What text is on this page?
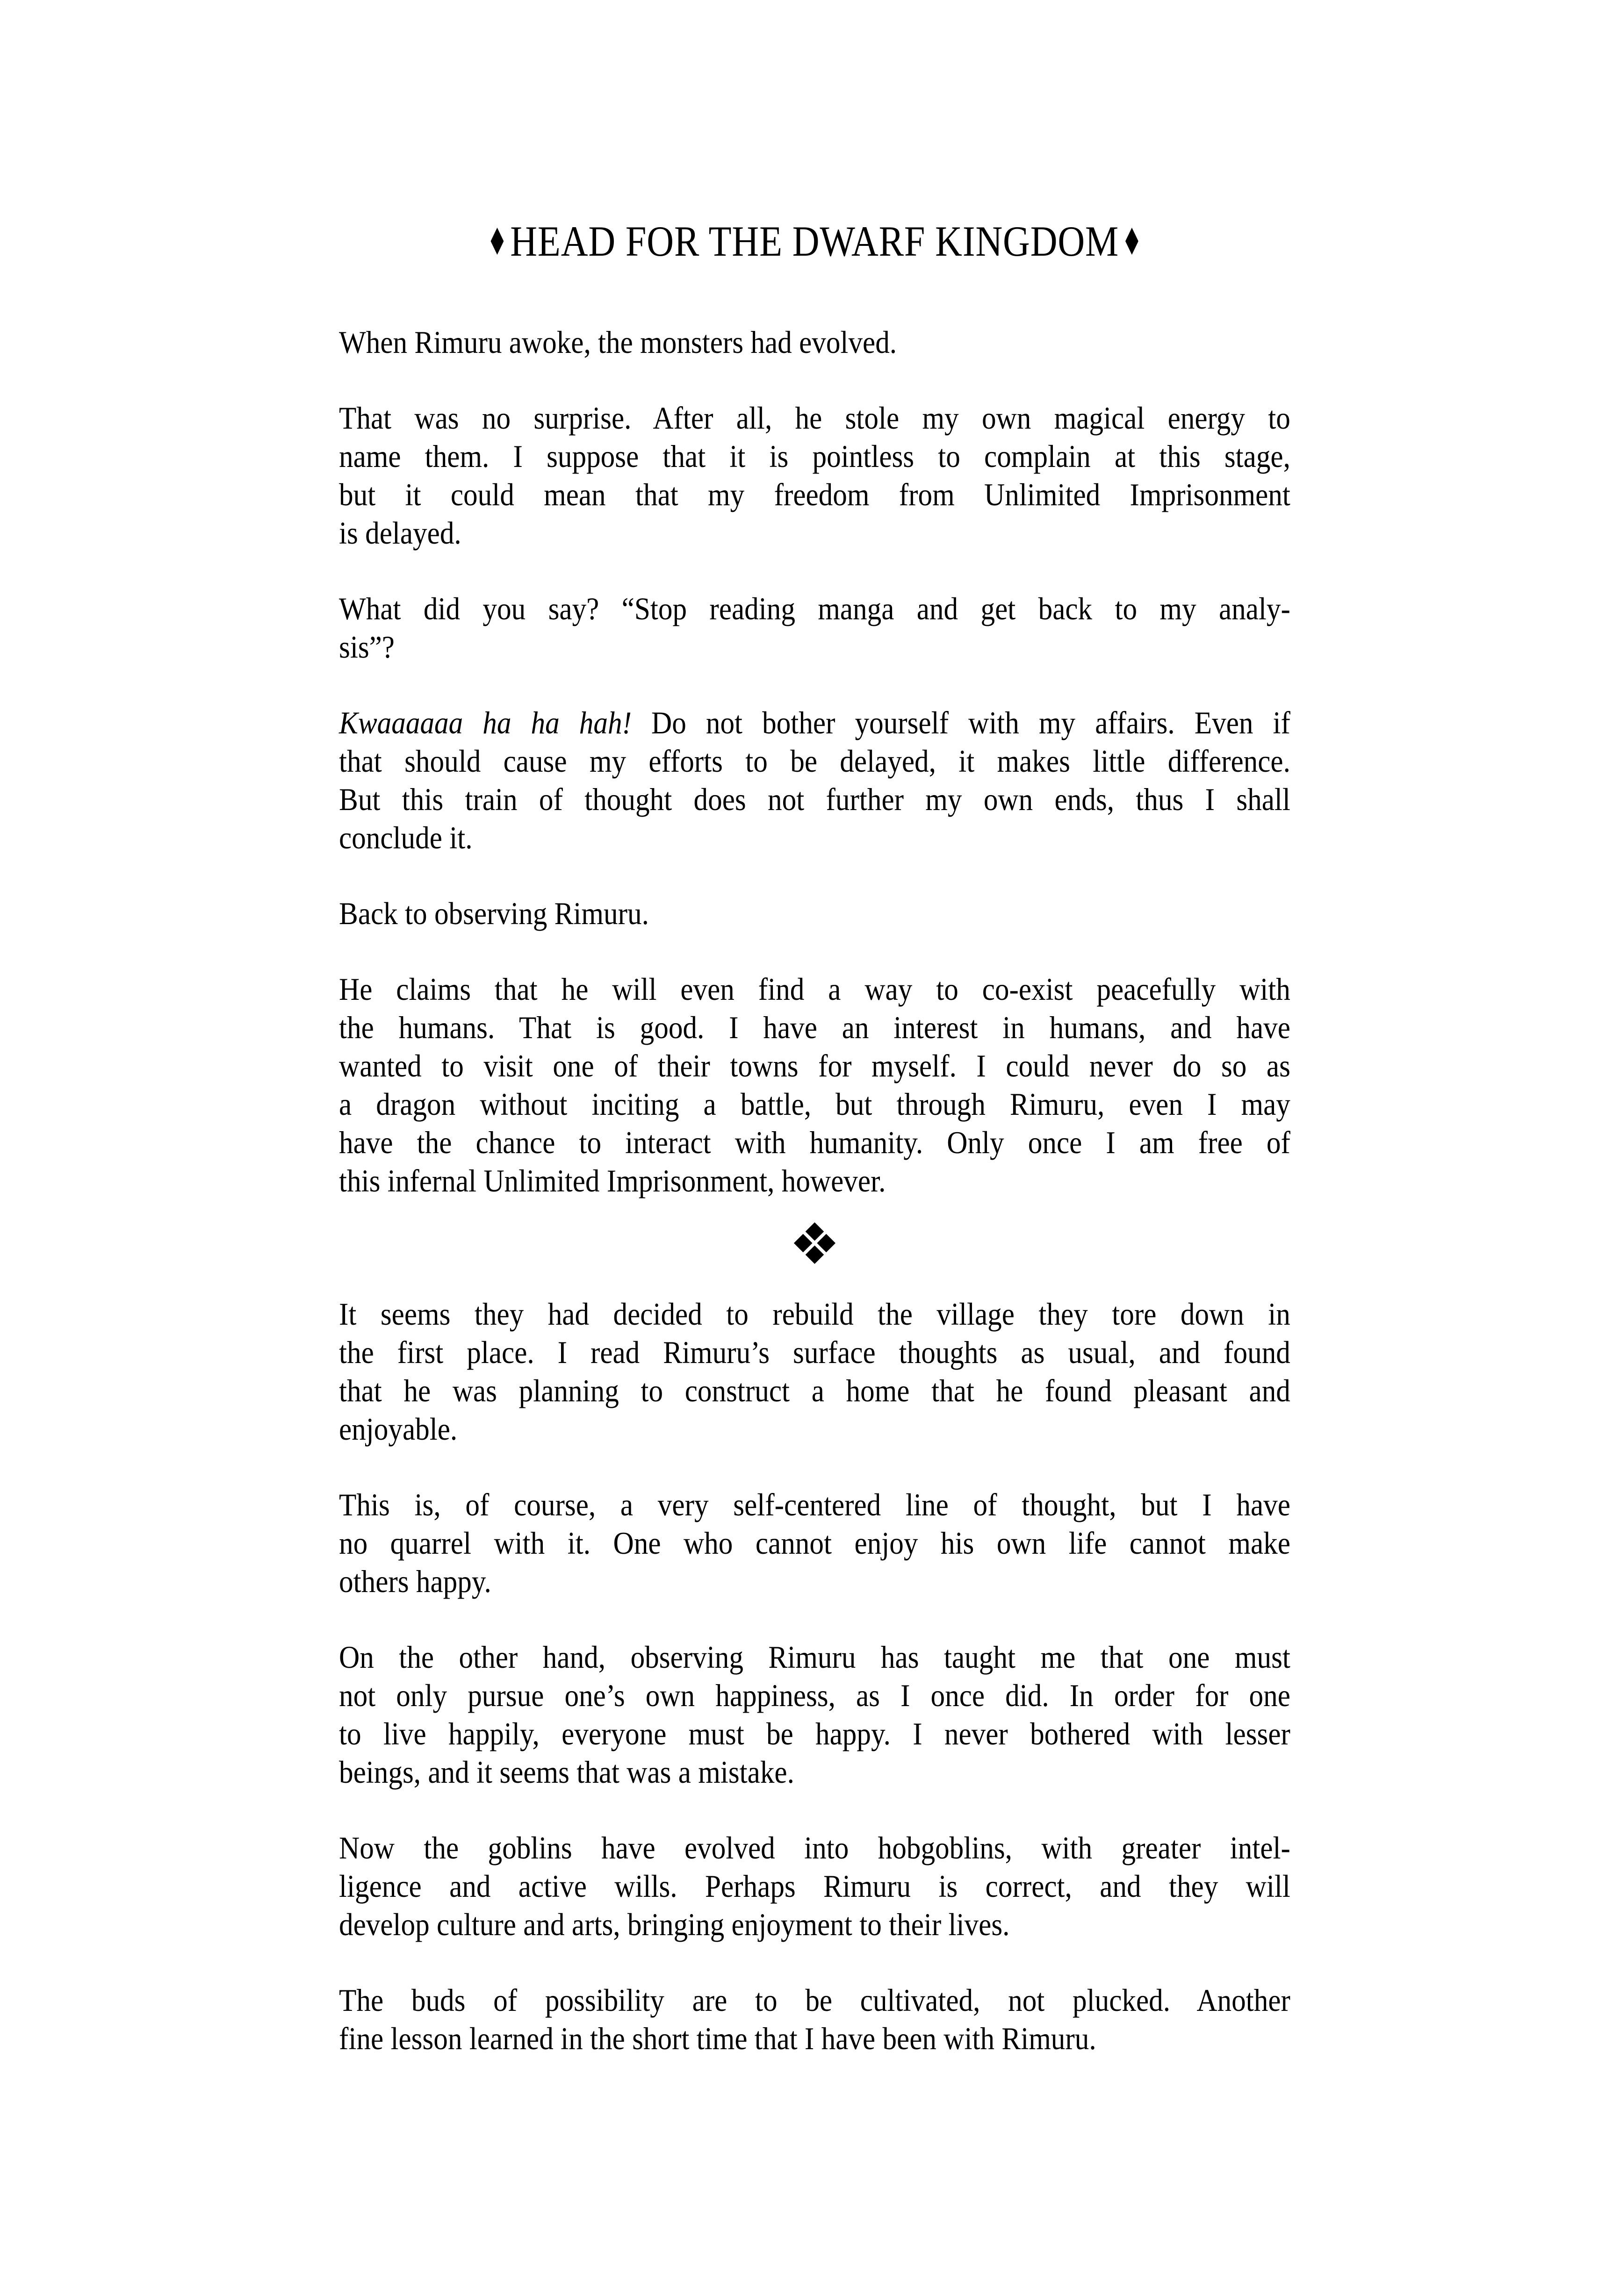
HEAD FOR THE DWARF KINGDOM

When Rimuru awoke, the monsters had evolved.

That was no surprise. After all, he stole my own magical energy to
name them. I suppose that it is pointless to complain at this stage,
but it could mean that my freedom from Unlimited Imprisonment
is delayed.

What did you say? “Stop reading manga and get back to my analy-
sis”?

Kwaaaaaa ha ha hah! Do not bother yourself with my affairs. Even if
that should cause my efforts to be delayed, it makes little difference.
But this train of thought does not further my own ends, thus I shall
conclude it.

Back to observing Rimuru.

He claims that he will even find a way to co-exist peacefully with
the humans. That is good. I have an interest in humans, and have
wanted to visit one of their towns for myself. I could never do so as
a dragon without inciting a battle, but through Rimuru, even I may
have the chance to interact with humanity. Only once I am free of
this infernal Unlimited Imprisonment, however.

It seems they had decided to rebuild the village they tore down in
the first place. I read Rimuru’s surface thoughts as usual, and found
that he was planning to construct a home that he found pleasant and
enjoyable.

This is, of course, a very self-centered line of thought, but I have
no quarrel with it. One who cannot enjoy his own life cannot make
others happy.

On the other hand, observing Rimuru has taught me that one must
not only pursue one’s own happiness, as I once did. In order for one
to live happily, everyone must be happy. I never bothered with lesser
beings, and it seems that was a mistake.

Now the goblins have evolved into hobgoblins, with greater intel-
ligence and active wills. Perhaps Rimuru is correct, and they will
develop culture and arts, bringing enjoyment to their lives.

The buds of possibility are to be cultivated, not plucked. Another
fine lesson learned in the short time that I have been with Rimuru.
